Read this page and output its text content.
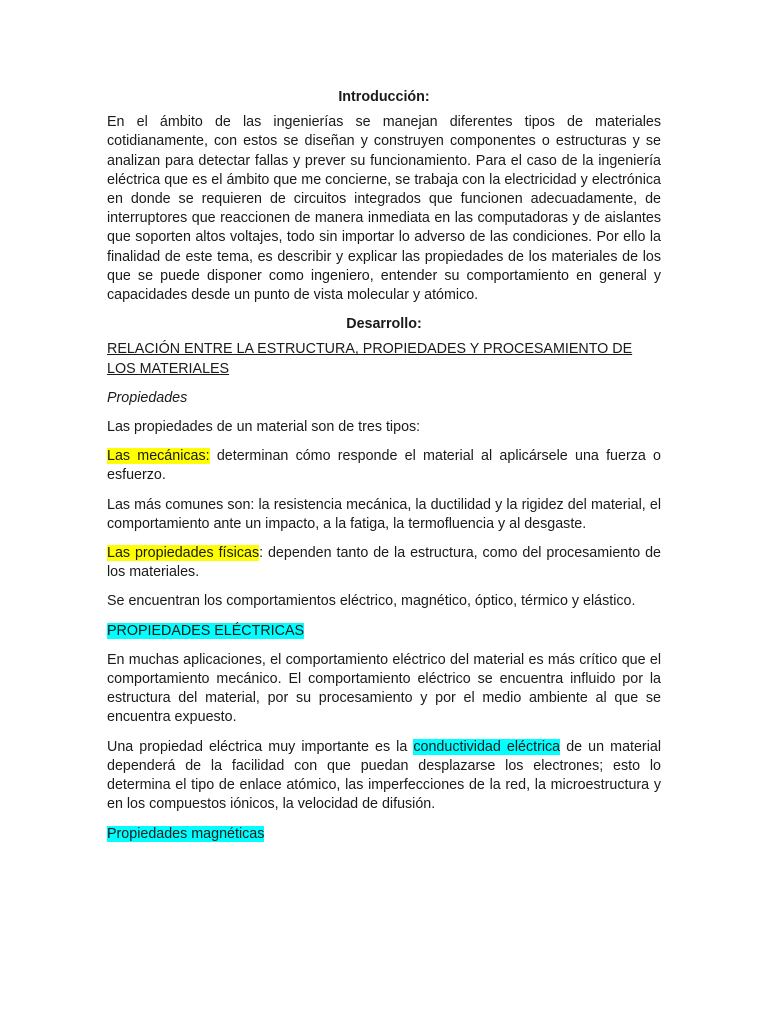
Introducción:

En el ámbito de las ingenierías se manejan diferentes tipos de materiales cotidianamente, con estos se diseñan y construyen componentes o estructuras y se analizan para detectar fallas y prever su funcionamiento. Para el caso de la ingeniería eléctrica que es el ámbito que me concierne, se trabaja con la electricidad y electrónica en donde se requieren de circuitos integrados que funcionen adecuadamente, de interruptores que reaccionen de manera inmediata en las computadoras y de aislantes que soporten altos voltajes, todo sin importar lo adverso de las condiciones. Por ello la finalidad de este tema, es describir y explicar las propiedades de los materiales de los que se puede disponer como ingeniero, entender su comportamiento en general y capacidades desde un punto de vista molecular y atómico.

Desarrollo:

RELACIÓN ENTRE LA ESTRUCTURA, PROPIEDADES Y PROCESAMIENTO DE LOS MATERIALES

Propiedades

Las propiedades de un material son de tres tipos:

Las mecánicas: determinan cómo responde el material al aplicársele una fuerza o esfuerzo.

Las más comunes son: la resistencia mecánica, la ductilidad y la rigidez del material, el comportamiento ante un impacto, a la fatiga, la termofluencia y al desgaste.

Las propiedades físicas: dependen tanto de la estructura, como del procesamiento de los materiales.

Se encuentran los comportamientos eléctrico, magnético, óptico, térmico y elástico.

PROPIEDADES ELÉCTRICAS

En muchas aplicaciones, el comportamiento eléctrico del material es más crítico que el comportamiento mecánico. El comportamiento eléctrico se encuentra influido por la estructura del material, por su procesamiento y por el medio ambiente al que se encuentra expuesto.

Una propiedad eléctrica muy importante es la conductividad eléctrica de un material dependerá de la facilidad con que puedan desplazarse los electrones; esto lo determina el tipo de enlace atómico, las imperfecciones de la red, la microestructura y en los compuestos iónicos, la velocidad de difusión.

Propiedades magnéticas
